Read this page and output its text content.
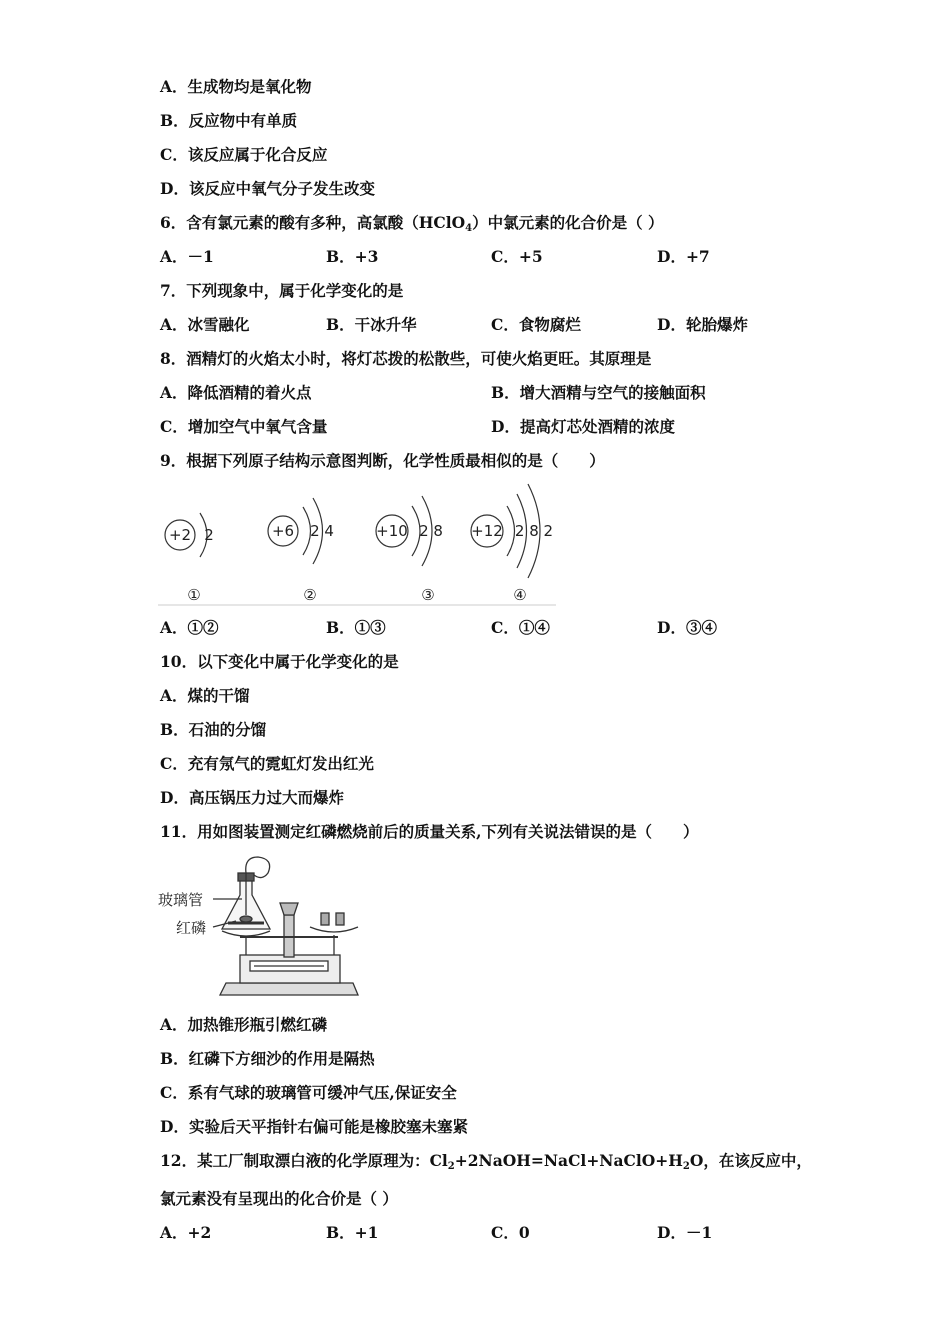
A．生成物均是氧化物
B．反应物中有单质
C．该反应属于化合反应
D．该反应中氧气分子发生改变
6．含有氯元素的酸有多种，高氯酸（HClO$_4$）中氯元素的化合价是（ ）
A．－1	B．+3	C．+5	D．+7
7．下列现象中，属于化学变化的是
A．冰雪融化	B．干冰升华	C．食物腐烂	D．轮胎爆炸
8．酒精灯的火焰太小时，将灯芯拨的松散些，可使火焰更旺。其原理是
A．降低酒精的着火点	B．增大酒精与空气的接触面积
C．增加空气中氧气含量	D．提高灯芯处酒精的浓度
9．根据下列原子结构示意图判断，化学性质最相似的是（　　）
+2 2	+6 2 4	+10 2 8 +12 2 8 2
①	②	③	④
A．①②	B．①③	C．①④	D．③④
10．以下变化中属于化学变化的是
A．煤的干馏
B．石油的分馏
C．充有氖气的霓虹灯发出红光
D．高压锅压力过大而爆炸
11．用如图装置测定红磷燃烧前后的质量关系,下列有关说法错误的是（　　）
玻璃管
红磷
A．加热锥形瓶引燃红磷
B．红磷下方细沙的作用是隔热
C．系有气球的玻璃管可缓冲气压,保证安全
D．实验后天平指针右偏可能是橡胶塞未塞紧
12．某工厂制取漂白液的化学原理为：$Cl_2+2NaOH=NaCl+NaClO+H_2O$，在该反应中，
氯元素没有呈现出的化合价是（ ）
A．+2	B．+1	C．0	D．－1
